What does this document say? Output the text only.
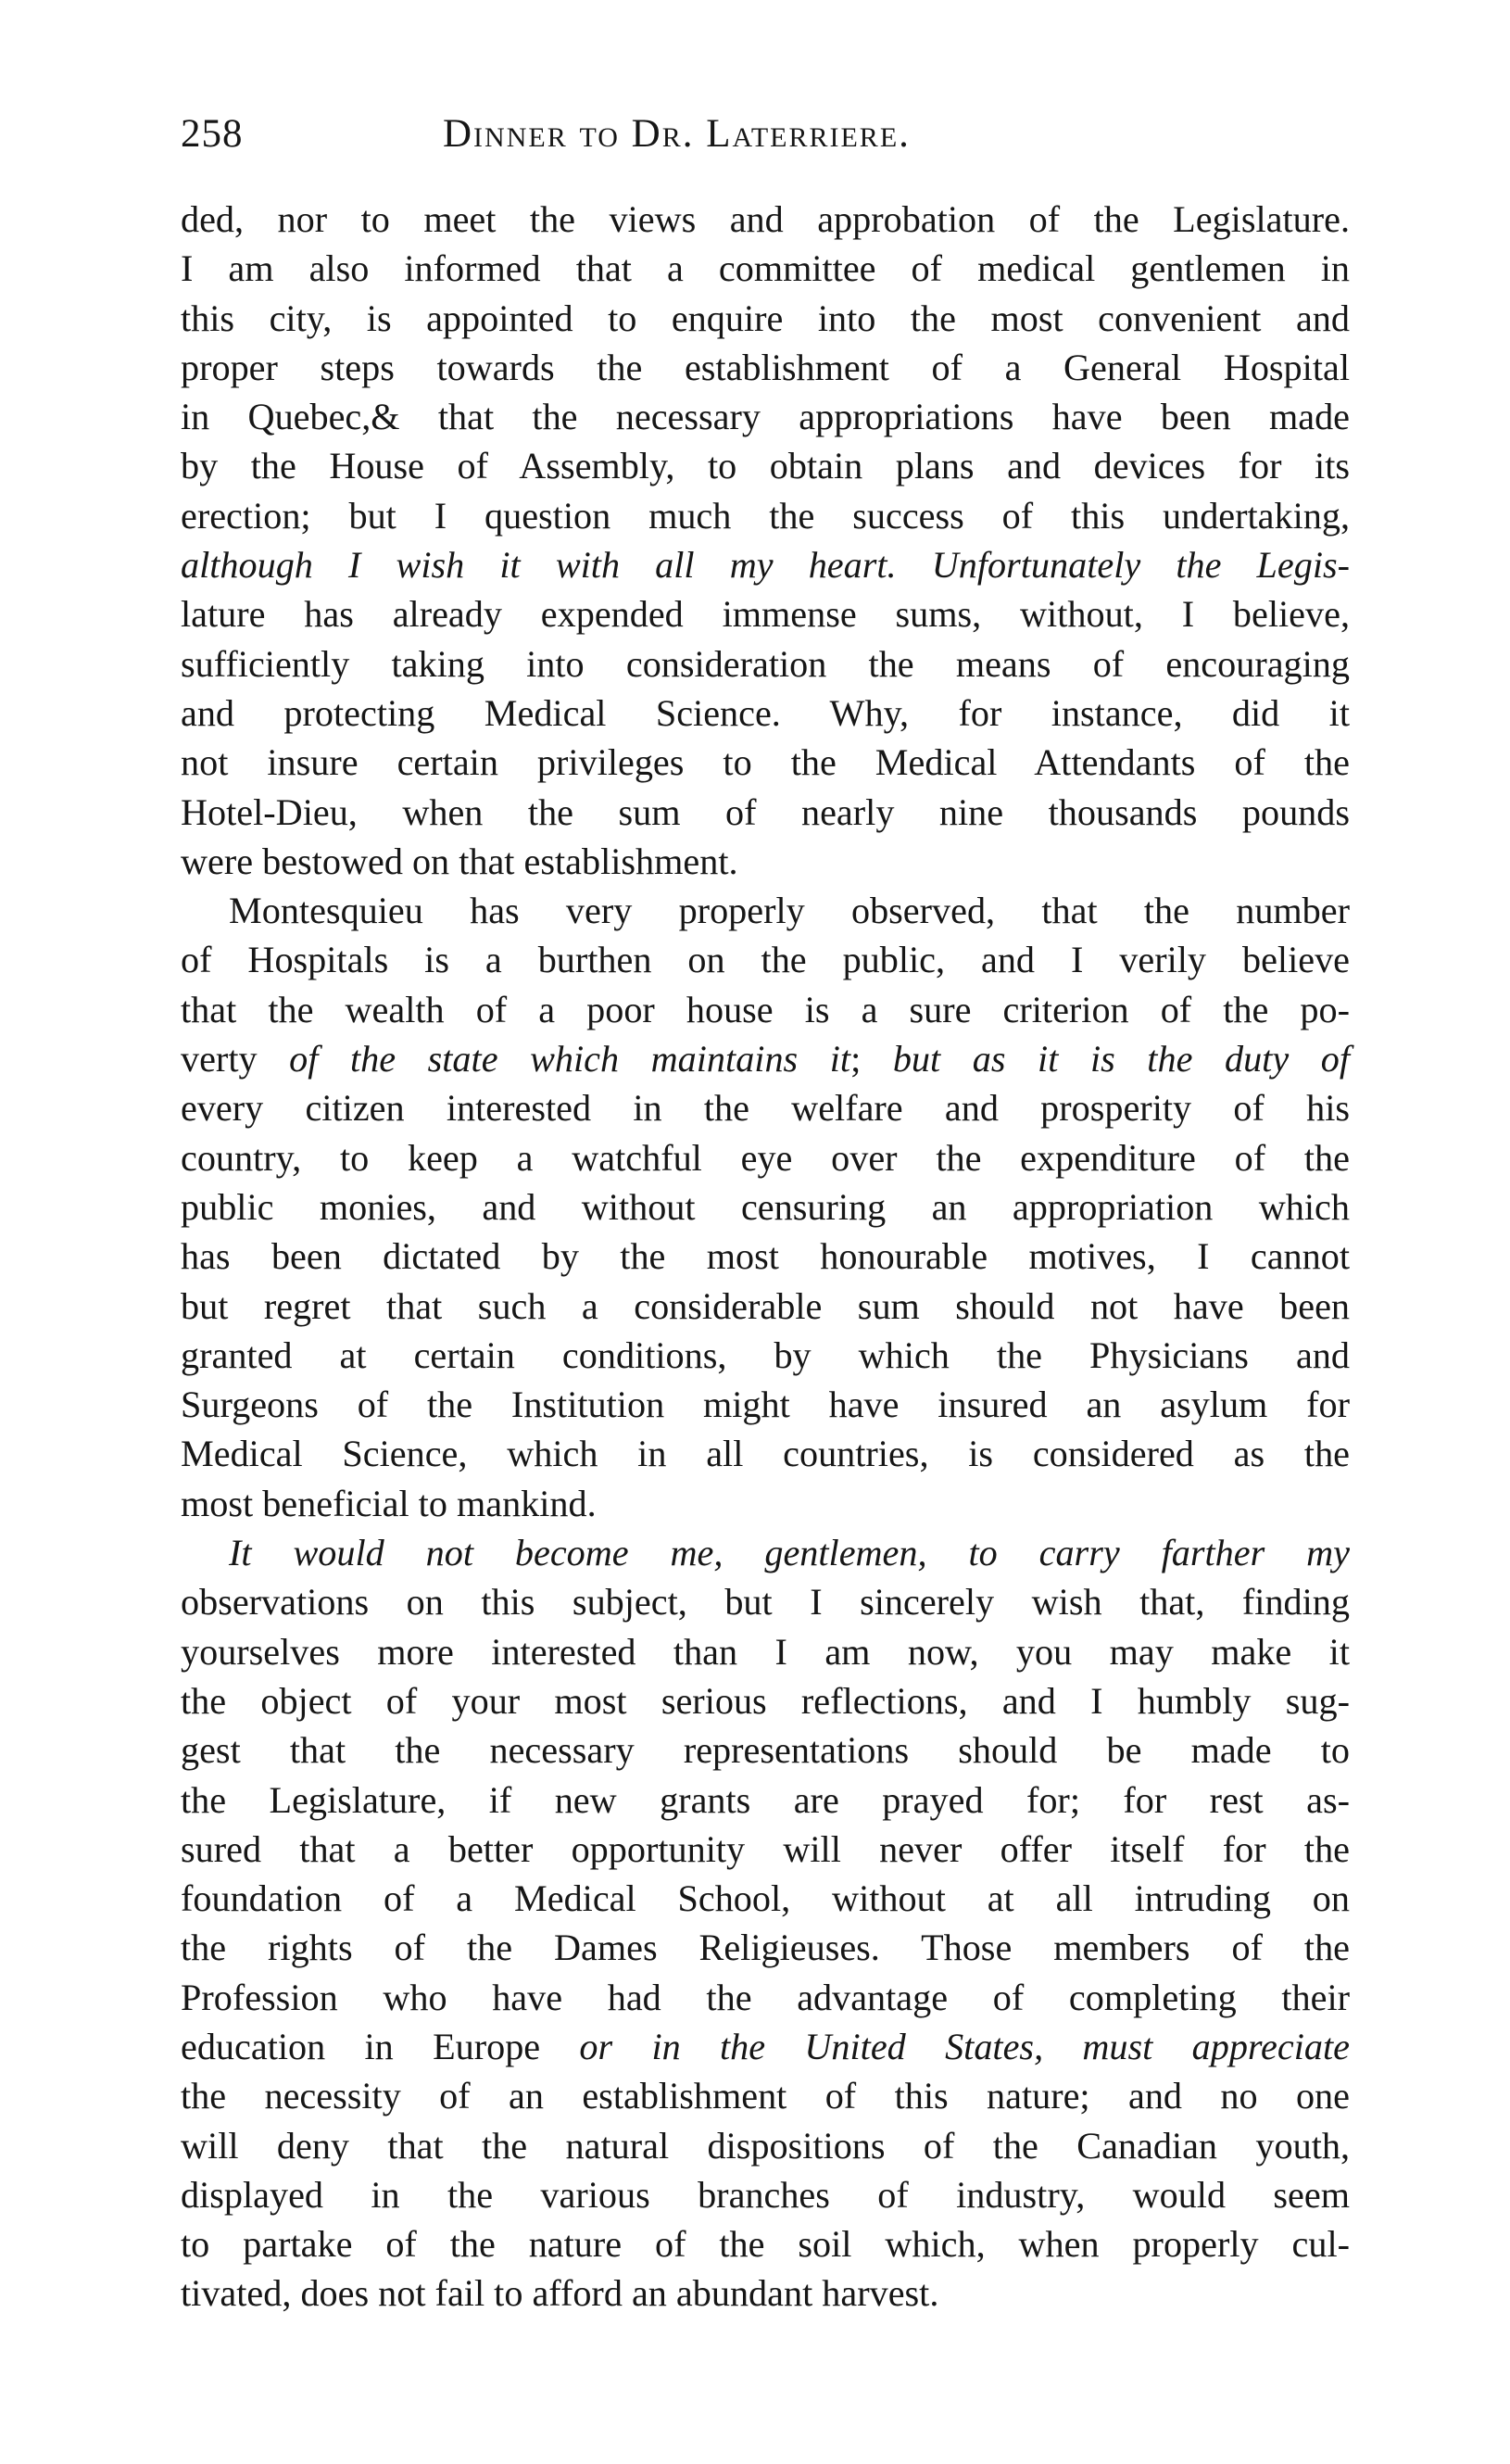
258	Dinner to Dr. Laterriere.
ded, nor to meet the views and approbation of the Legislature.
I am also informed that a committee of medical gentlemen in
this city, is appointed to enquire into the most convenient and
proper steps towards the establishment of a General Hospital
in Quebec,& that the necessary appropriations have been made
by the House of Assembly, to obtain plans and devices for its
erection; but I question much the success of this undertaking,
although I wish it with all my heart. Unfortunately the Legis-
lature has already expended immense sums, without, I believe,
sufficiently taking into consideration the means of encouraging
and protecting Medical Science. Why, for instance, did it
not insure certain privileges to the Medical Attendants of the
Hotel-Dieu, when the sum of nearly nine thousands pounds
were bestowed on that establishment.
Montesquieu has very properly observed, that the number
of Hospitals is a burthen on the public, and I verily believe
that the wealth of a poor house is a sure criterion of the po-
verty of the state which maintains it; but as it is the duty of
every citizen interested in the welfare and prosperity of his
country, to keep a watchful eye over the expenditure of the
public monies, and without censuring an appropriation which
has been dictated by the most honourable motives, I cannot
but regret that such a considerable sum should not have been
granted at certain conditions, by which the Physicians and
Surgeons of the Institution might have insured an asylum for
Medical Science, which in all countries, is considered as the
most beneficial to mankind.
It would not become me, gentlemen, to carry farther my
observations on this subject, but I sincerely wish that, finding
yourselves more interested than I am now, you may make it
the object of your most serious reflections, and I humbly sug-
gest that the necessary representations should be made to
the Legislature, if new grants are prayed for; for rest as-
sured that a better opportunity will never offer itself for the
foundation of a Medical School, without at all intruding on
the rights of the Dames Religieuses. Those members of the
Profession who have had the advantage of completing their
education in Europe or in the United States, must appreciate
the necessity of an establishment of this nature; and no one
will deny that the natural dispositions of the Canadian youth,
displayed in the various branches of industry, would seem
to partake of the nature of the soil which, when properly cul-
tivated, does not fail to afford an abundant harvest.
